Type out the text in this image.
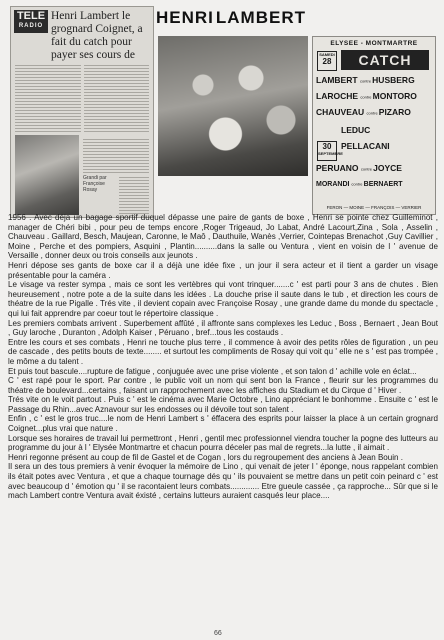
TELE
RADIO
Henri Lambert le grognard Coignet, a fait du catch pour payer ses cours de
Grandi par Françoise Rosay
HENRI LAMBERT
ELYSEE - MONTMARTRE
SAMEDI
28	CATCH
LAMBERT contre HUSBERG
LAROCHE contre MONTORO
CHAUVEAU contre PIZARO
LEDUC
PELLACANI
30
SEPTEMBRE
PERUANO contre JOYCE
MORANDI contre BERNAERT
FERON — MOINE — FRANÇOIS — VERRIER

1956 . Avec déja un bagage sportif duquel dépasse une paire de gants de boxe , Henri se pointe chez Guilleminot , manager de Chéri bibi , pour peu de temps encore ,Roger Trigeaud, Jo Labat, André Lacourt,Zina , Sola , Asselin , Chauveau . Gaillard, Besch, Maujean, Caronne, le Maô , Dauthuile, Wanès ,Verrier, Cointepas Brenachot ,Guy Cavillier , Moine , Perche et des pompiers, Asquini , Plantin..........dans la salle ou Ventura , vient en voisin de l ' avenue de Versaille , donner deux ou trois conseils aux jeunots .

Henri dépose ses gants de boxe car il a déjà une idée fixe , un jour il sera acteur et il tient a garder un visage présentable pour la caméra .

Le visage va rester sympa , mais ce sont les vertèbres qui vont trinquer.......c ' est parti pour 3 ans de chutes . Bien heureusement , notre pote a de la suite dans les idées . La douche prise il saute dans le tub , et direction les cours de théatre de la rue Pigalle . Trés vite , il devient copain avec Françoise Rosay , une grande dame du monde du spectacle , qui lui fait apprendre par coeur tout le répertoire classique .

Les premiers combats arrivent . Superbement affûté , il affronte sans complexes les Leduc , Boss , Bernaert , Jean Bout , Guy laroche , Duranton , Adolph Kaiser , Péruano , bref...tous les costauds .

Entre les cours et ses combats , Henri ne touche plus terre , il commence à avoir des petits rôles de figuration , un peu de cascade , des petits bouts de texte........ et surtout les compliments de Rosay qui voit qu ' elle ne s ' est pas trompée , le môme a du talent .

Et puis tout bascule....rupture de fatigue , conjuguée avec une prise violente , et son talon d ' achille vole en éclat...

C ' est rapé pour le sport. Par contre , le public voit un nom qui sent bon la France , fleurir sur les programmes du théatre de boulevard...certains , faisant un rapprochement avec les affiches du Stadium et du Cirque d ' Hiver .

Trés vite on le voit partout . Puis c ' est le cinéma avec Marie Octobre , Lino appréciant le bonhomme . Ensuite c ' est le Passage du Rhin...avec Aznavour sur les endosses ou il dévoile tout son talent .

Enfin , c ' est le gros truc....le nom de Henri Lambert s ' éffacera des esprits pour laisser la place à un certain grognard Coignet...plus vrai que nature .

Lorsque ses horaires de travail lui permettront , Henri , gentil mec professionnel viendra toucher la pogne des lutteurs au programme du jour à l ' Elysée Montmartre et chacun pourra déceler pas mal de regrets...la lutte , il aimait .

Henri regonne présent au coup de fil de Gastel et de Cogan , lors du regroupement des anciens à Jean Bouin .

Il sera un des tous premiers à venir évoquer la mémoire de Lino , qui venait de jeter l ' éponge, nous rappelant combien ils était potes avec Ventura , et que a chaque tournage dés qu ' ils pouvaient se mettre dans un petit coin peinard c ' est avec beaucoup d ' émotion qu ' il se racontaient leurs combats............. Etre gueule cassée , ça rapproche... Sûr que si le mach Lambert contre Ventura avait éxisté , certains lutteurs auraient casqués leur place....

66
